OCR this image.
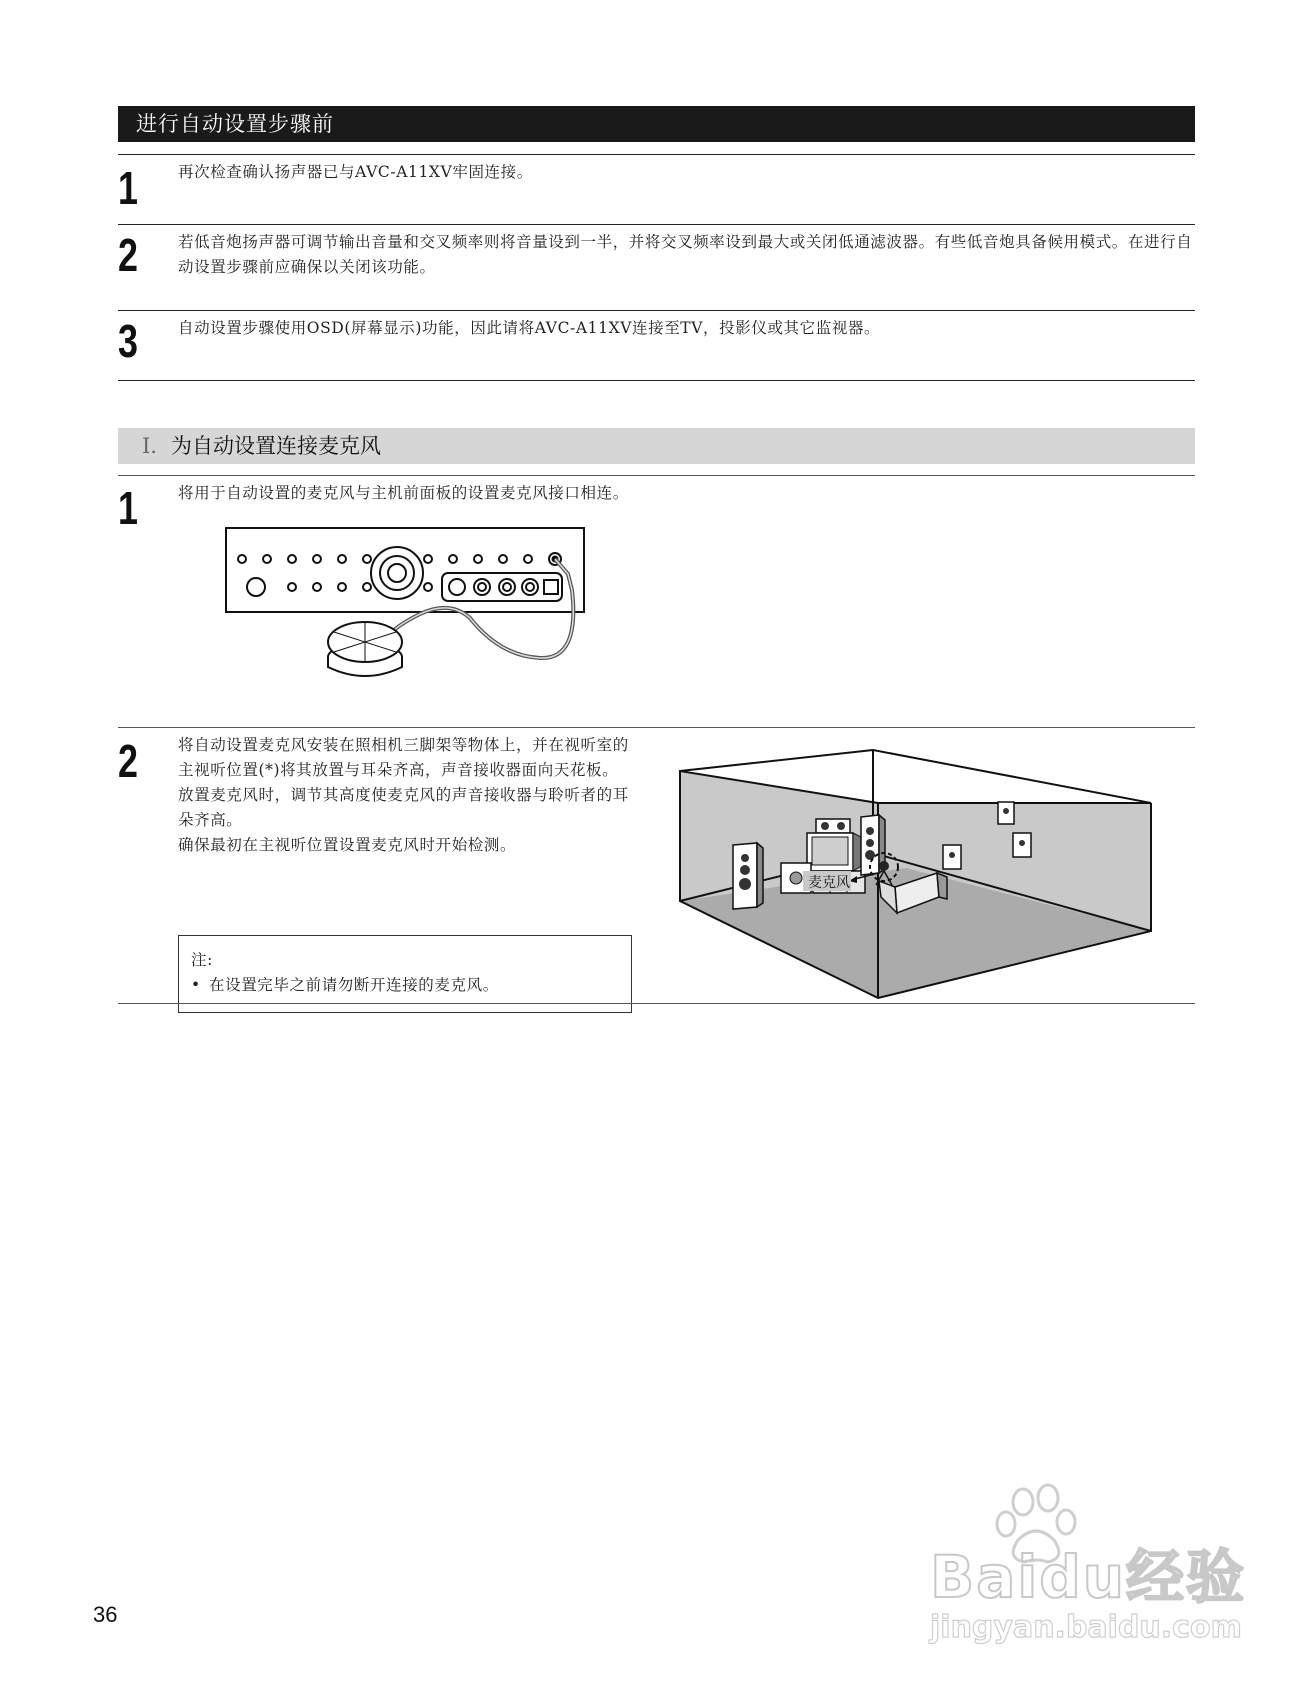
进行自动设置步骤前
1	再次检查确认扬声器已与AVC-A11XV牢固连接。
2	若低音炮扬声器可调节输出音量和交叉频率则将音量设到一半，并将交叉频率设到最大或关闭低通滤波器。有些低音炮具备候用模式。在进行自动设置步骤前应确保以关闭该功能。
3	自动设置步骤使用OSD(屏幕显示)功能，因此请将AVC-A11XV连接至TV，投影仪或其它监视器。
Ⅰ. 为自动设置连接麦克风
1	将用于自动设置的麦克风与主机前面板的设置麦克风接口相连。
2	将自动设置麦克风安装在照相机三脚架等物体上，并在视听室的主视听位置(*)将其放置与耳朵齐高，声音接收器面向天花板。
放置麦克风时，调节其高度使麦克风的声音接收器与聆听者的耳朵齐高。
确保最初在主视听位置设置麦克风时开始检测。
注:
• 在设置完毕之前请勿断开连接的麦克风。
麦克风
36
Baidu经验
jingyan.baidu.com
